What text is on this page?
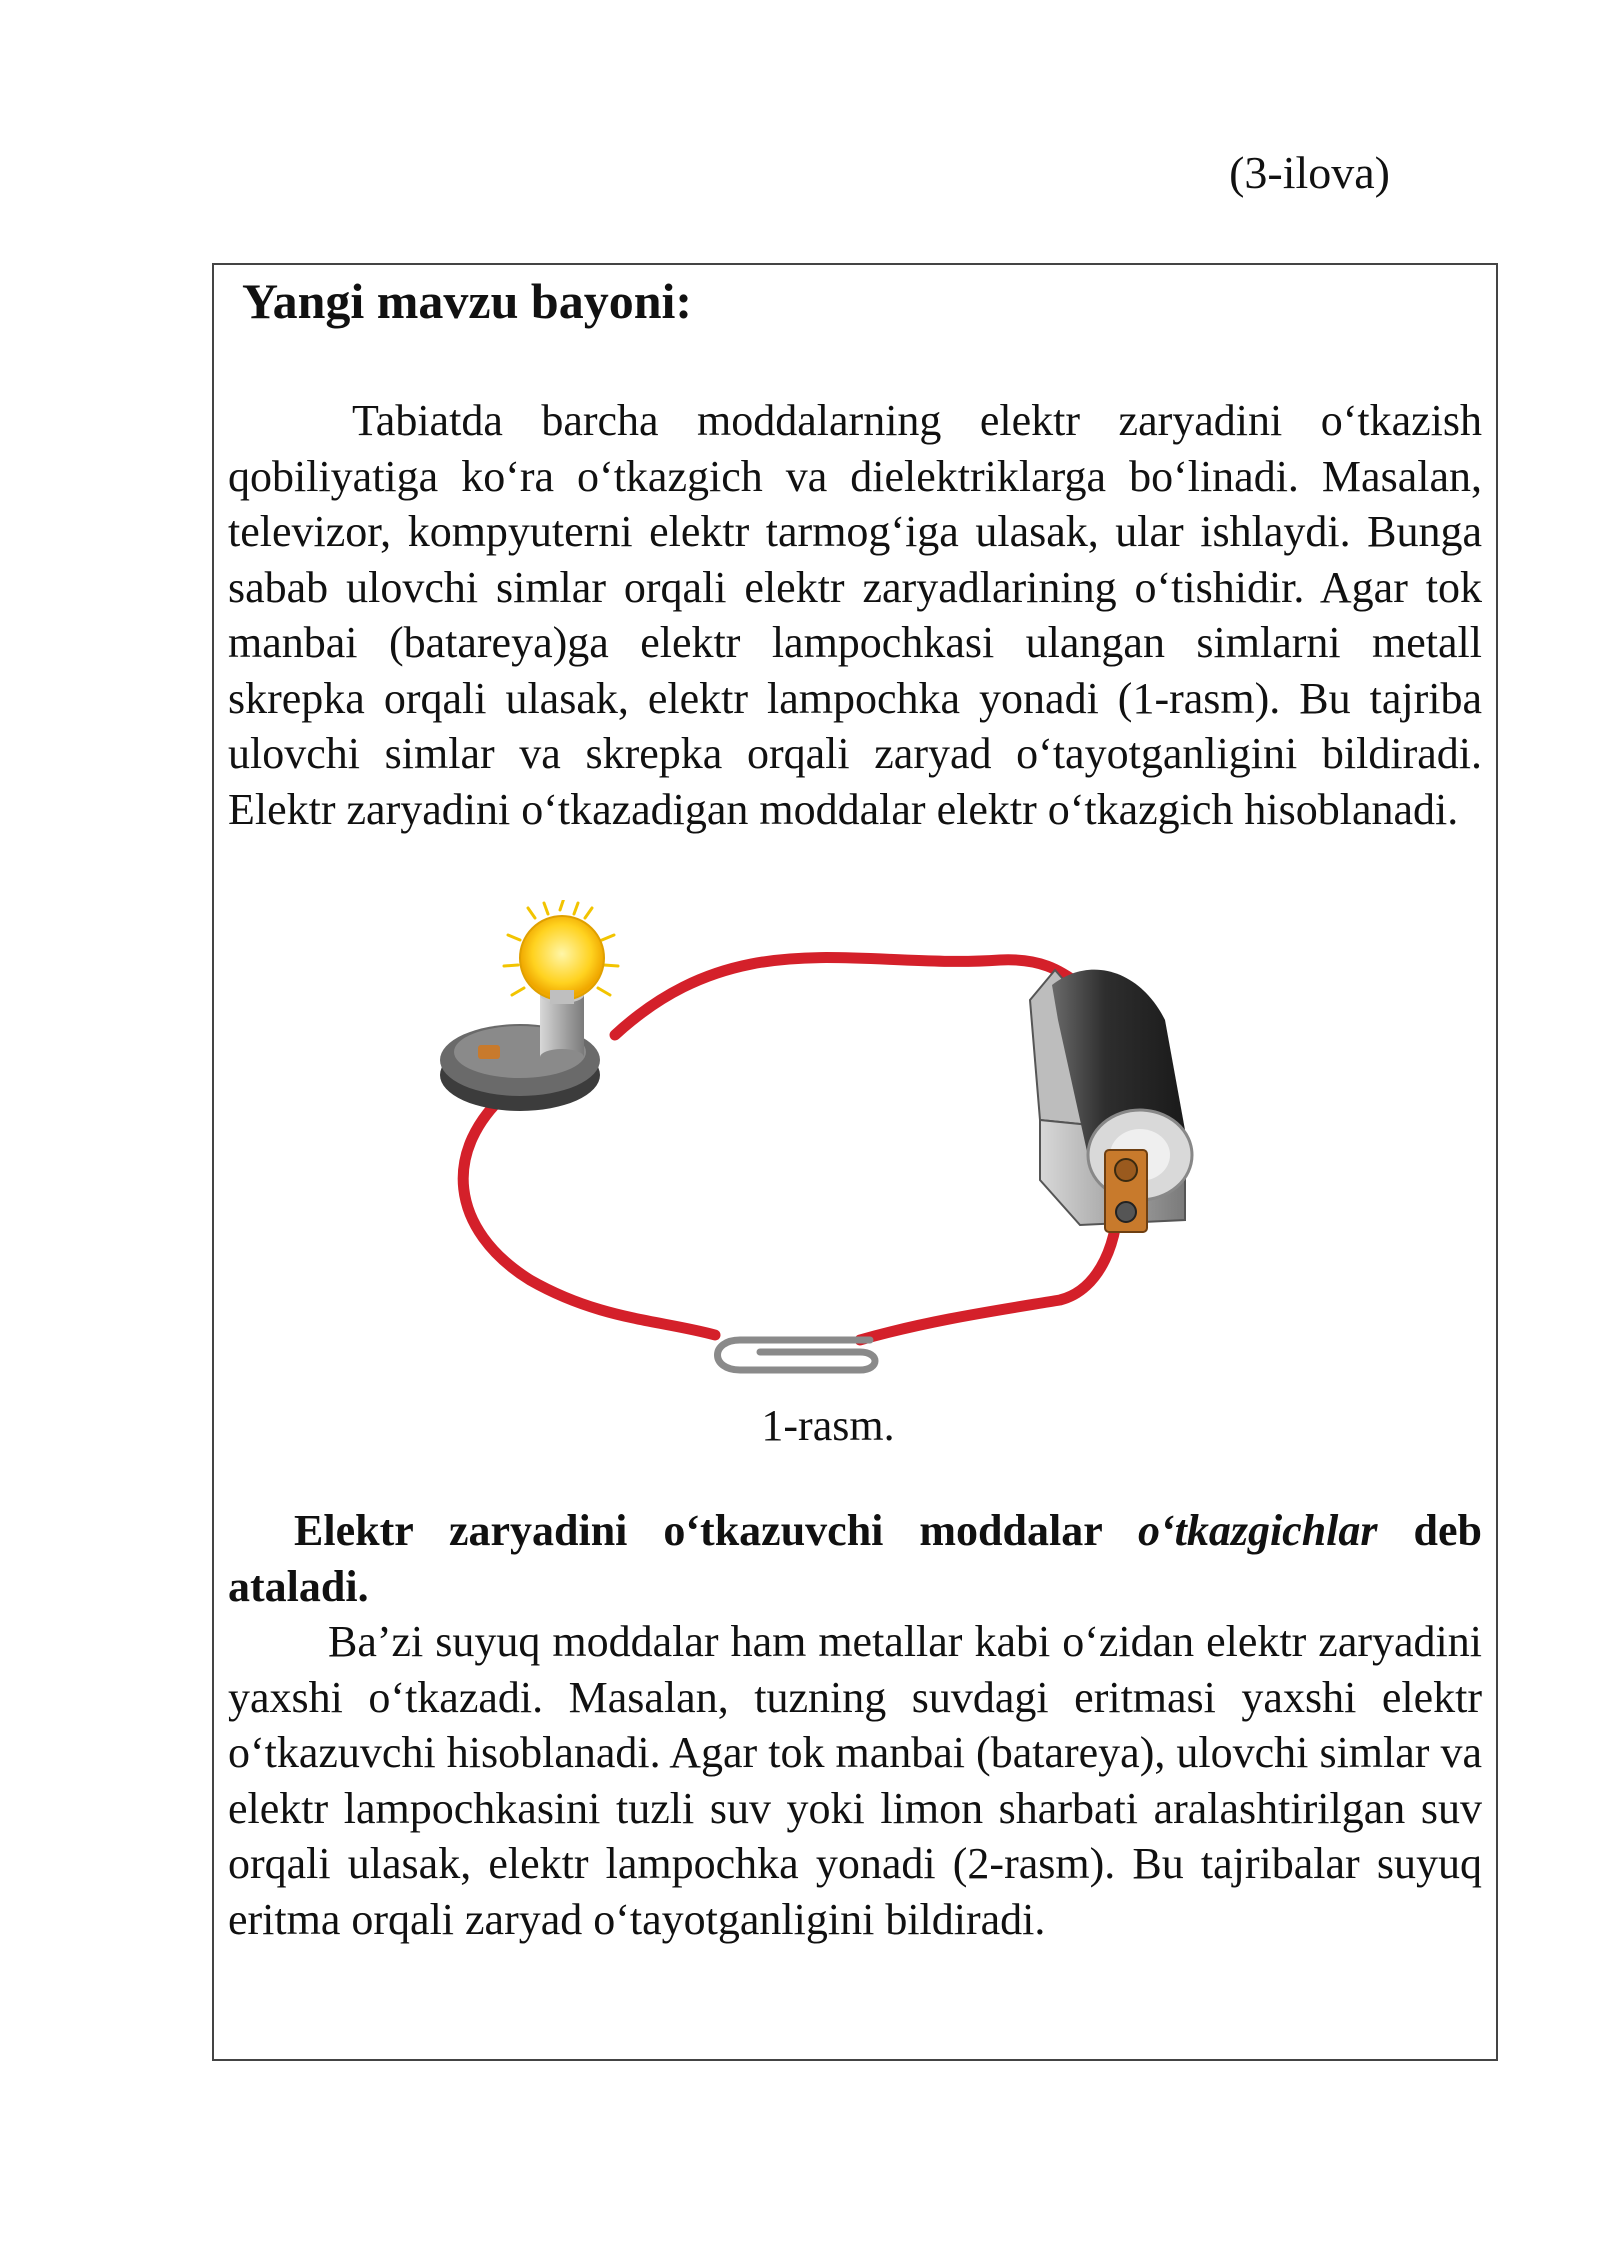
(3-ilova)
Yangi mavzu bayoni:

Tabiatda barcha moddalarning elektr zaryadini o‘tkazish qobiliyatiga ko‘ra o‘tkazgich va dielektriklarga bo‘linadi. Masalan, televizor, kompyuterni elektr tarmog‘iga ulasak, ular ishlaydi. Bunga sabab ulovchi simlar orqali elektr zaryadlarining o‘tishidir. Agar tok manbai (batareya)ga elektr lampochkasi ulangan simlarni metall skrepka orqali ulasak, elektr lampochka yonadi (1-rasm). Bu tajriba ulovchi simlar va skrepka orqali zaryad o‘tayotganligini bildiradi. Elektr zaryadini o‘tkazadigan moddalar elektr o‘tkazgich hisoblanadi.

1-rasm.

Elektr zaryadini o‘tkazuvchi moddalar o‘tkazgichlar deb ataladi.

Ba’zi suyuq moddalar ham metallar kabi o‘zidan elektr zaryadini yaxshi o‘tkazadi. Masalan, tuzning suvdagi eritmasi yaxshi elektr o‘tkazuvchi hisoblanadi. Agar tok manbai (batareya), ulovchi simlar va elektr lampochkasini tuzli suv yoki limon sharbati aralashtirilgan suv orqali ulasak, elektr lampochka yonadi (2-rasm). Bu tajribalar suyuq eritma orqali zaryad o‘tayotganligini bildiradi.
